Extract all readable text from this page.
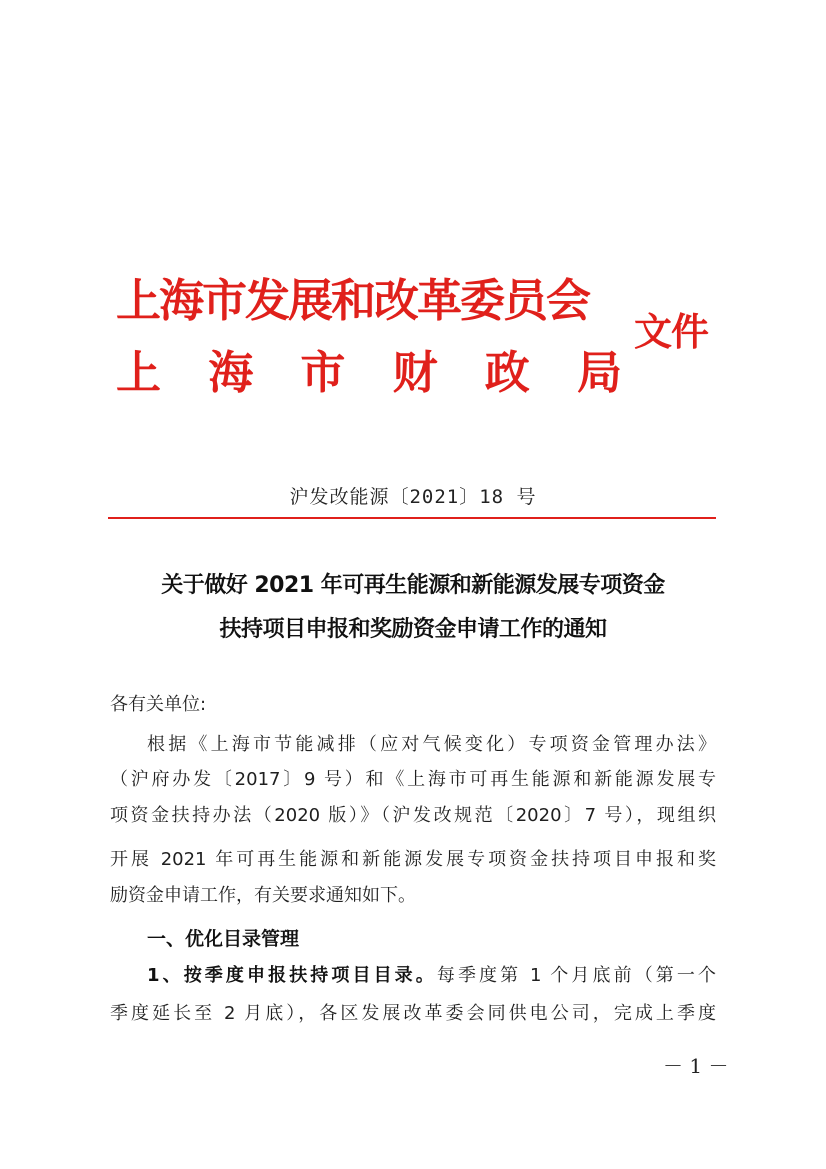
上海市发展和改革委员会
上 海 市 财 政 局
文件
沪发改能源〔2021〕18 号
关于做好 2021 年可再生能源和新能源发展专项资金
扶持项目申报和奖励资金申请工作的通知
各有关单位:
根据《上海市节能减排（应对气候变化）专项资金管理办法》
（沪府办发〔2017〕9 号）和《上海市可再生能源和新能源发展专
项资金扶持办法（2020 版）》（沪发改规范〔2020〕7 号），现组织
开展 2021 年可再生能源和新能源发展专项资金扶持项目申报和奖
励资金申请工作，有关要求通知如下。
一、优化目录管理
1、按季度申报扶持项目目录。每季度第 1 个月底前（第一个
季度延长至 2 月底），各区发展改革委会同供电公司，完成上季度
－ 1 －
